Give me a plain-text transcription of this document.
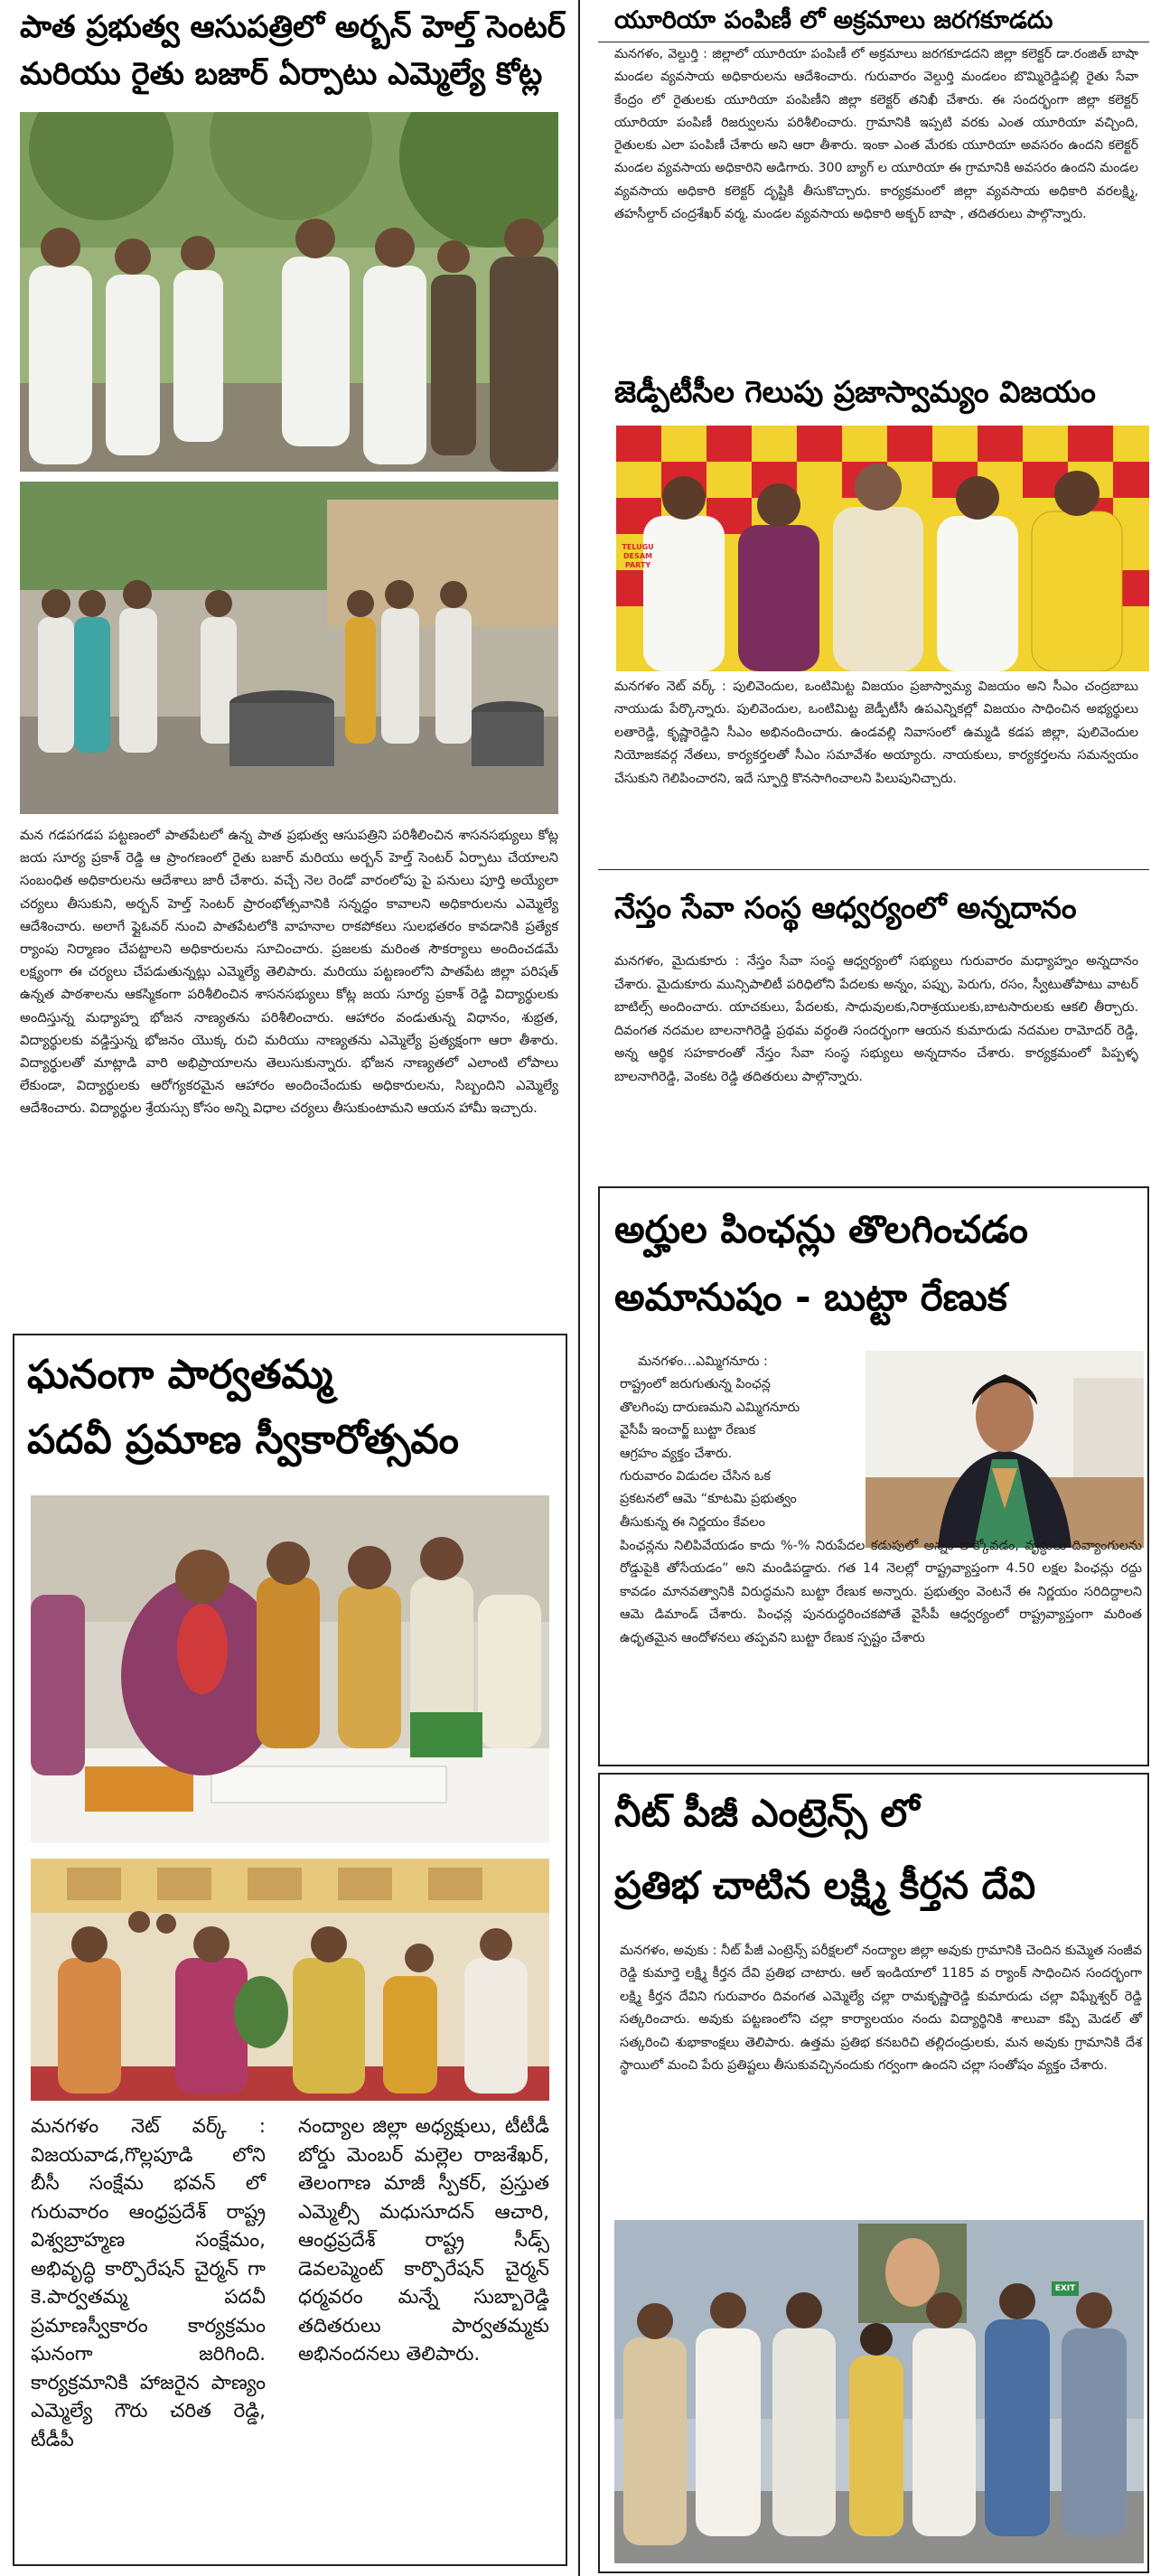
పాత ప్రభుత్వ ఆసుపత్రిలో అర్బన్ హెల్త్ సెంటర్
మరియు రైతు బజార్ ఏర్పాటు ఎమ్మెల్యే కోట్ల
మన గడపగడప పట్టణంలో పాతపేటలో ఉన్న పాత ప్రభుత్వ ఆసుపత్రిని పరిశీలించిన శాసనసభ్యులు కోట్ల జయ సూర్య ప్రకాశ్ రెడ్డి ఆ ప్రాంగణంలో రైతు బజార్ మరియు అర్బన్ హెల్త్ సెంటర్ ఏర్పాటు చేయాలని సంబంధిత అధికారులను ఆదేశాలు జారీ చేశారు. వచ్చే నెల రెండో వారంలోపు పై పనులు పూర్తి అయ్యేలా చర్యలు తీసుకుని, అర్బన్ హెల్త్ సెంటర్ ప్రారంభోత్సవానికి సన్నద్ధం కావాలని అధికారులను ఎమ్మెల్యే ఆదేశించారు. అలాగే ఫ్లైఓవర్ నుంచి పాతపేటలోకి వాహనాల రాకపోకలు సులభతరం కావడానికి ప్రత్యేక ర్యాంపు నిర్మాణం చేపట్టాలని అధికారులను సూచించారు. ప్రజలకు మరింత సౌకర్యాలు అందించడమే లక్ష్యంగా ఈ చర్యలు చేపడుతున్నట్లు ఎమ్మెల్యే తెలిపారు. మరియు పట్టణంలోని పాతపేట జిల్లా పరిషత్ ఉన్నత పాఠశాలను ఆకస్మికంగా పరిశీలించిన శాసనసభ్యులు కోట్ల జయ సూర్య ప్రకాశ్ రెడ్డి విద్యార్థులకు అందిస్తున్న మధ్యాహ్న భోజన నాణ్యతను పరిశీలించారు. ఆహారం వండుతున్న విధానం, శుభ్రత, విద్యార్థులకు వడ్డిస్తున్న భోజనం యొక్క రుచి మరియు నాణ్యతను ఎమ్మెల్యే ప్రత్యక్షంగా ఆరా తీశారు. విద్యార్థులతో మాట్లాడి వారి అభిప్రాయాలను తెలుసుకున్నారు. భోజన నాణ్యతలో ఎలాంటి లోపాలు లేకుండా, విద్యార్థులకు ఆరోగ్యకరమైన ఆహారం అందించేందుకు అధికారులను, సిబ్బందిని ఎమ్మెల్యే ఆదేశించారు. విద్యార్థుల శ్రేయస్సు కోసం అన్ని విధాల చర్యలు తీసుకుంటామని ఆయన హామీ ఇచ్చారు.
ఘనంగా పార్వతమ్మ
పదవీ ప్రమాణ స్వీకారోత్సవం
మనగళం నెట్ వర్క్ : విజయవాడ,గొల్లపూడి లోని బీసీ సంక్షేమ భవన్ లో గురువారం ఆంధ్రప్రదేశ్ రాష్ట్ర విశ్వబ్రాహ్మణ సంక్షేమం, అభివృద్ధి కార్పొరేషన్ చైర్మన్ గా కె.పార్వతమ్మ పదవీ ప్రమాణస్వీకారం కార్యక్రమం ఘనంగా జరిగింది. కార్యక్రమానికి హాజరైన పాణ్యం ఎమ్మెల్యే గౌరు చరిత రెడ్డి, టీడీపీ
నంద్యాల జిల్లా అధ్యక్షులు, టీటీడీ బోర్డు మెంబర్ మల్లెల రాజశేఖర్, తెలంగాణ మాజీ స్పీకర్, ప్రస్తుత ఎమ్మెల్సీ మధుసూదన్ ఆచారి, ఆంధ్రప్రదేశ్ రాష్ట్ర సీడ్స్ డెవలప్మెంట్ కార్పొరేషన్ చైర్మన్ ధర్మవరం మన్నే సుబ్బారెడ్డి తదితరులు పార్వతమ్మకు అభినందనలు తెలిపారు.
యూరియా పంపిణీ లో అక్రమాలు జరగకూడదు
మనగళం, వెల్దుర్తి : జిల్లాలో యూరియా పంపిణీ లో అక్రమాలు జరగకూడదని జిల్లా కలెక్టర్ డా.రంజిత్ బాషా మండల వ్యవసాయ అధికారులను ఆదేశించారు. గురువారం వెల్దుర్తి మండలం బొమ్మిరెడ్డిపల్లి రైతు సేవా కేంద్రం లో రైతులకు యూరియా పంపిణీని జిల్లా కలెక్టర్ తనిఖీ చేశారు. ఈ సందర్భంగా జిల్లా కలెక్టర్ యూరియా పంపిణీ రిజర్వులను పరిశీలించారు. గ్రామానికి ఇప్పటి వరకు ఎంత యూరియా వచ్చింది, రైతులకు ఎలా పంపిణీ చేశారు అని ఆరా తీశారు. ఇంకా ఎంత మేరకు యూరియా అవసరం ఉందని కలెక్టర్ మండల వ్యవసాయ అధికారిని అడిగారు. 300 బ్యాగ్ ల యూరియా ఈ గ్రామానికి అవసరం ఉందని మండల వ్యవసాయ అధికారి కలెక్టర్ దృష్టికి తీసుకొచ్చారు. కార్యక్రమంలో జిల్లా వ్యవసాయ అధికారి వరలక్ష్మి, తహసీల్దార్ చంద్రశేఖర్ వర్మ, మండల వ్యవసాయ అధికారి అక్బర్ బాషా , తదితరులు పాల్గొన్నారు.
జెడ్పీటీసీల గెలుపు ప్రజాస్వామ్యం విజయం
TELUGU DESAM PARTY
మనగళం నెట్ వర్క్ : పులివెందుల, ఒంటిమిట్ట విజయం ప్రజాస్వామ్య విజయం అని సీఎం చంద్రబాబు నాయుడు పేర్కొన్నారు. పులివెందుల, ఒంటిమిట్ట జెడ్పీటీసీ ఉపఎన్నికల్లో విజయం సాధించిన అభ్యర్థులు లతారెడ్డి, కృష్ణారెడ్డిని సీఎం అభినందించారు. ఉండవల్లి నివాసంలో ఉమ్మడి కడప జిల్లా, పులివెందుల నియోజకవర్గ నేతలు, కార్యకర్తలతో సీఎం సమావేశం అయ్యారు. నాయకులు, కార్యకర్తలను సమన్వయం చేసుకుని గెలిపించారని, ఇదే స్ఫూర్తి కొనసాగించాలని పిలుపునిచ్చారు.
నేస్తం సేవా సంస్థ ఆధ్వర్యంలో అన్నదానం
మనగళం, మైదుకూరు : నేస్తం సేవా సంస్థ ఆధ్వర్యంలో సభ్యులు గురువారం మధ్యాహ్నం అన్నదానం చేశారు. మైదుకూరు మున్సిపాలిటీ పరిధిలోని పేదలకు అన్నం, పప్పు, పెరుగు, రసం, స్వీటుతోపాటు వాటర్ బాటిల్స్ అందించారు. యాచకులు, పేదలకు, సాధువులకు,నిరాశ్రయులకు,బాటసారులకు ఆకలి తీర్చారు. దివంగత నదమల బాలనాగిరెడ్డి ప్రథమ వర్ధంతి సందర్భంగా ఆయన కుమారుడు నదమల రామోదర్ రెడ్డి, అన్న ఆర్థిక సహకారంతో నేస్తం సేవా సంస్థ సభ్యులు అన్నదానం చేశారు. కార్యక్రమంలో పిప్పళ్ళ బాలనాగిరెడ్డి, వెంకట రెడ్డి తదితరులు పాల్గొన్నారు.
అర్హుల పింఛన్లు తొలగించడం
అమానుషం - బుట్టా రేణుక
మనగళం...ఎమ్మిగనూరు :
రాష్ట్రంలో జరుగుతున్న పింఛన్ల
తొలగింపు దారుణమని ఎమ్మిగనూరు
వైసీపీ ఇంచార్జ్ బుట్టా రేణుక
ఆగ్రహం వ్యక్తం చేశారు.
గురువారం విడుదల చేసిన ఒక
ప్రకటనలో ఆమె “కూటమి ప్రభుత్వం
తీసుకున్న ఈ నిర్ణయం కేవలం
పింఛన్లను నిలిపివేయడం కాదు %-% నిరుపేదల కడుపులో అన్నం లాక్కోవడం, వృద్ధులు దివ్యాంగులను రోడ్డుపైకి తోసేయడం” అని మండిపడ్డారు. గత 14 నెలల్లో రాష్ట్రవ్యాప్తంగా 4.50 లక్షల పింఛన్లు రద్దు కావడం మానవత్వానికి విరుద్ధమని బుట్టా రేణుక అన్నారు. ప్రభుత్వం వెంటనే ఈ నిర్ణయం సరిదిద్దాలని ఆమె డిమాండ్ చేశారు. పింఛన్ల పునరుద్ధరించకపోతే వైసీపీ ఆధ్వర్యంలో రాష్ట్రవ్యాప్తంగా మరింత ఉధృతమైన ఆందోళనలు తప్పవని బుట్టా రేణుక స్పష్టం చేశారు
నీట్ పీజీ ఎంట్రెన్స్ లో
ప్రతిభ చాటిన లక్ష్మి కీర్తన దేవి
మనగళం, అవుకు : నీట్ పీజీ ఎంట్రెన్స్ పరీక్షలలో నంద్యాల జిల్లా అవుకు గ్రామానికి చెందిన కుమ్మెత సంజీవ రెడ్డి కుమార్తె లక్ష్మి కీర్తన దేవి ప్రతిభ చాటారు. ఆల్ ఇండియాలో 1185 వ ర్యాంక్ సాధించిన సందర్భంగా లక్ష్మి కీర్తన దేవిని గురువారం దివంగత ఎమ్మెల్యే చల్లా రామకృష్ణారెడ్డి కుమారుడు చల్లా విఘ్నేశ్వర్ రెడ్డి సత్కరించారు. అవుకు పట్టణంలోని చల్లా కార్యాలయం నందు విద్యార్థినికి శాలువా కప్పి మెడల్ తో సత్కరించి శుభాకాంక్షలు తెలిపారు. ఉత్తమ ప్రతిభ కనబరిచి తల్లిదండ్రులకు, మన అవుకు గ్రామానికి దేశ స్థాయిలో మంచి పేరు ప్రతిష్టలు తీసుకువచ్చినందుకు గర్వంగా ఉందని చల్లా సంతోషం వ్యక్తం చేశారు.
EXIT
